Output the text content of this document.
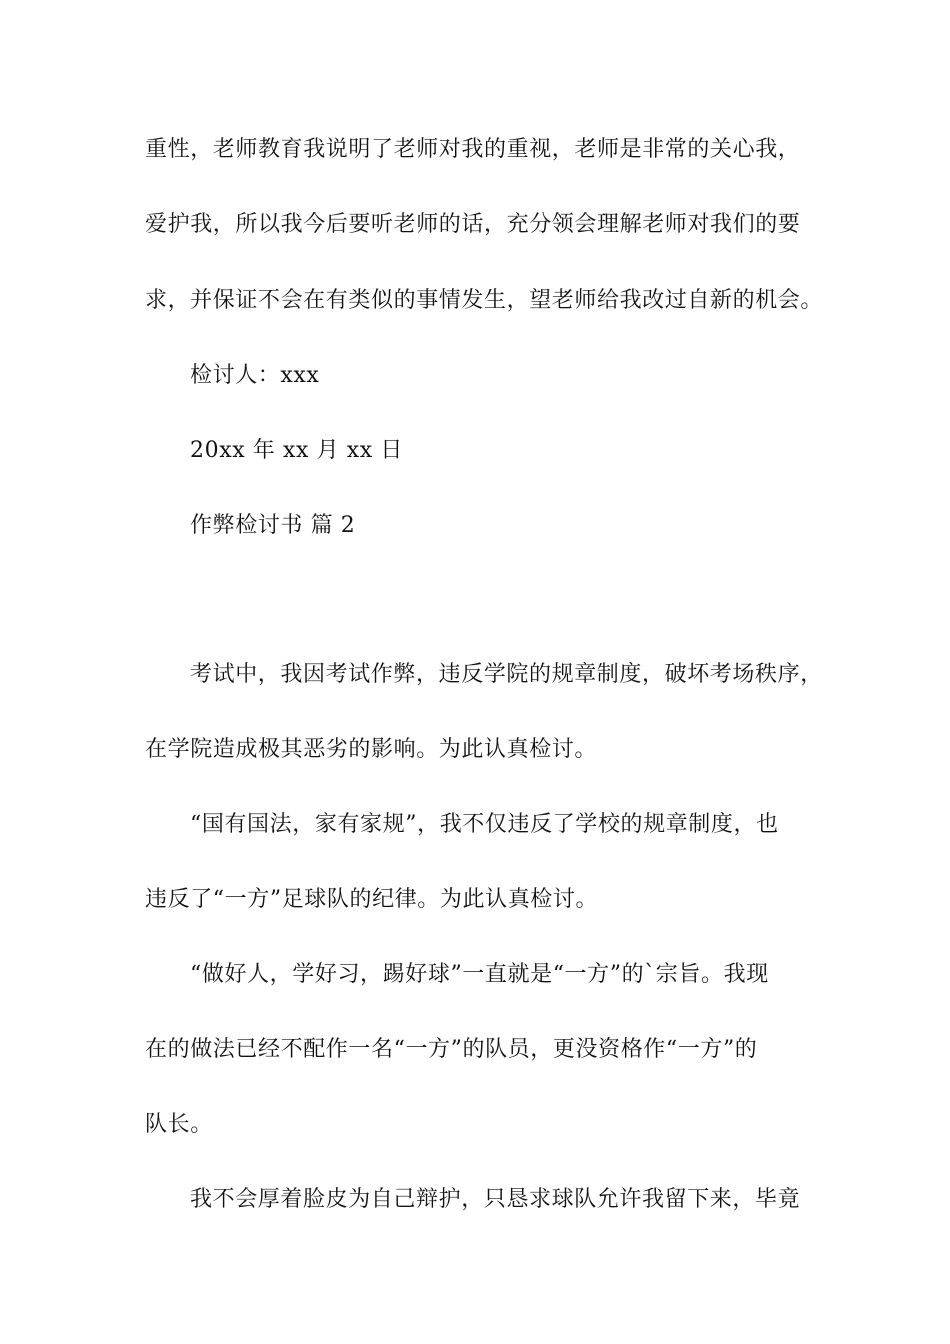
重性，老师教育我说明了老师对我的重视，老师是非常的关心我，
爱护我，所以我今后要听老师的话，充分领会理解老师对我们的要
求，并保证不会在有类似的事情发生，望老师给我改过自新的机会。
检讨人：xxx
20xx 年 xx 月 xx 日
作弊检讨书 篇 2
考试中，我因考试作弊，违反学院的规章制度，破坏考场秩序，
在学院造成极其恶劣的影响。为此认真检讨。
“国有国法，家有家规”，我不仅违反了学校的规章制度，也
违反了“一方”足球队的纪律。为此认真检讨。
“做好人，学好习，踢好球”一直就是“一方”的`宗旨。我现
在的做法已经不配作一名“一方”的队员，更没资格作“一方”的
队长。
我不会厚着脸皮为自己辩护，只恳求球队允许我留下来，毕竟
